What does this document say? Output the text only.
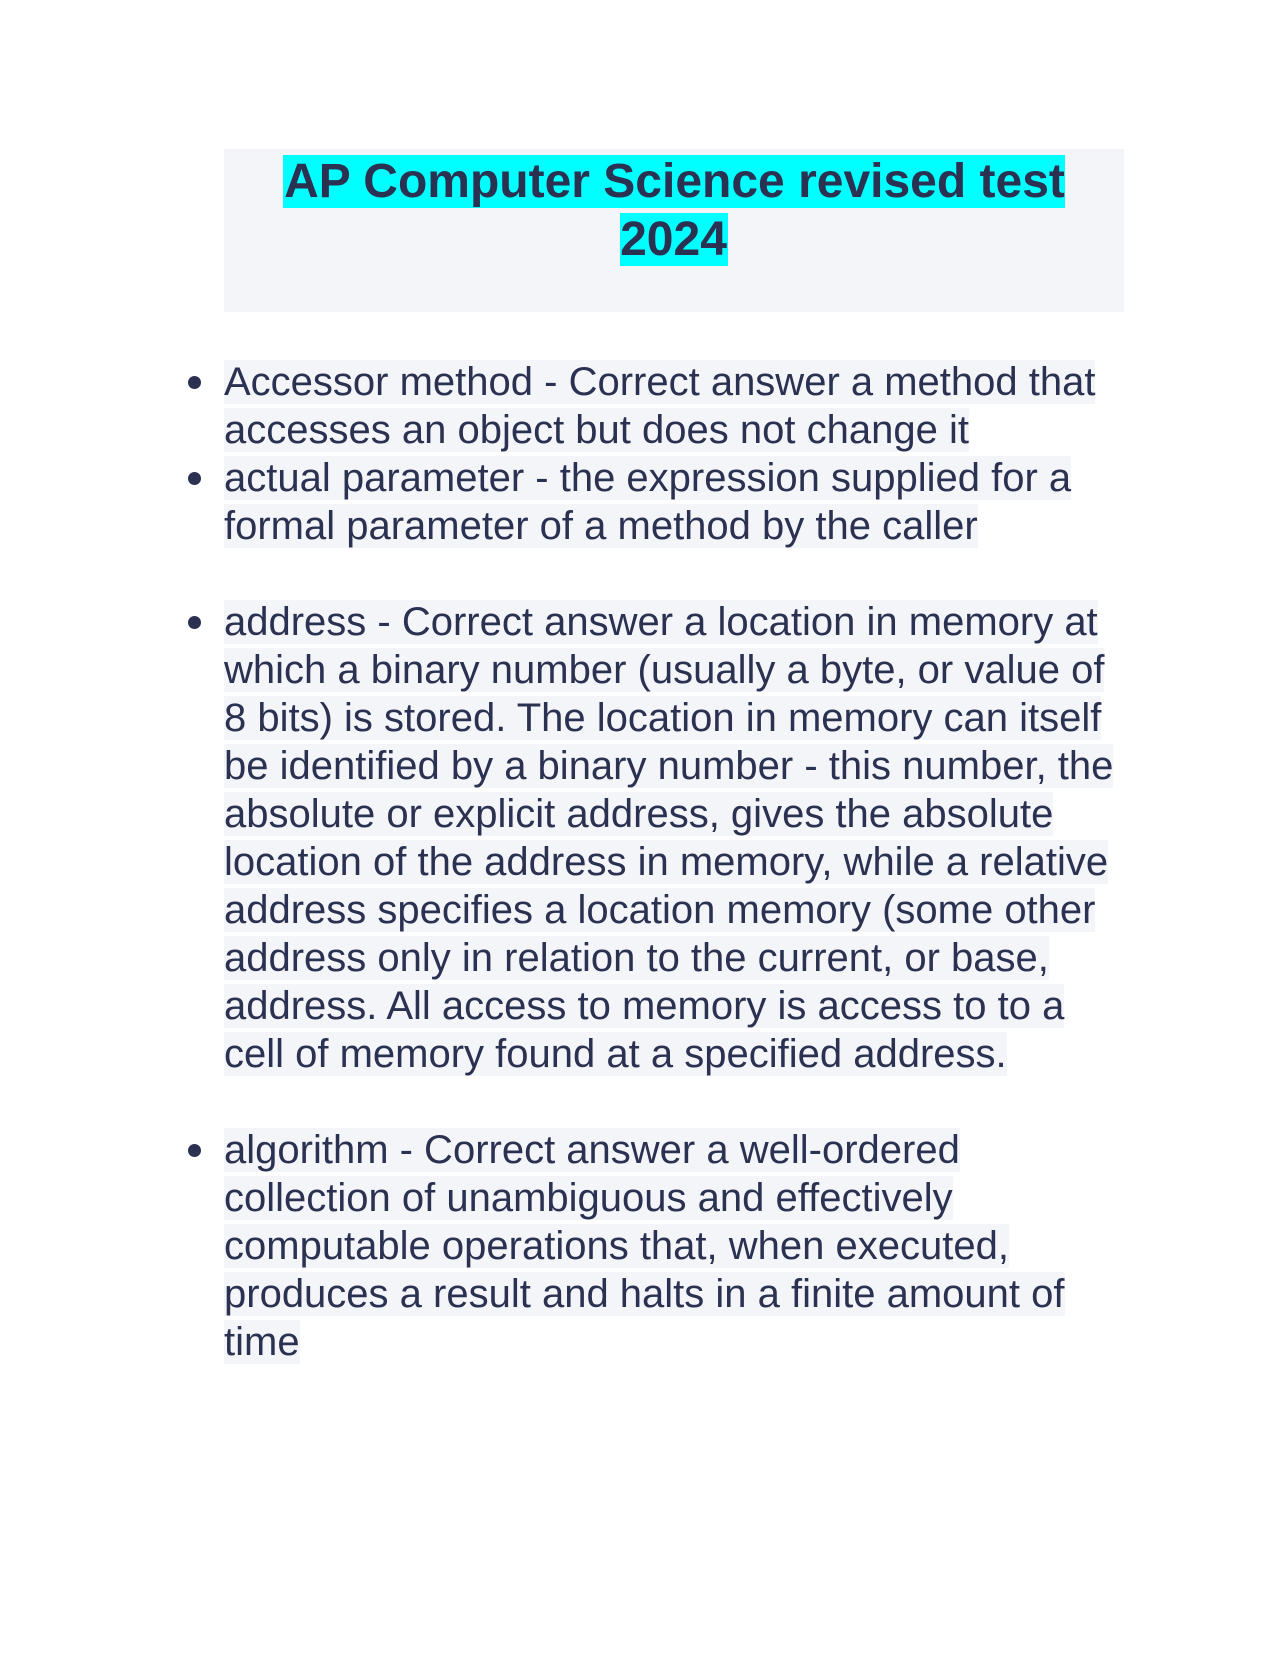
AP Computer Science revised test 2024
Accessor method - Correct answer a method that accesses an object but does not change it
actual parameter - the expression supplied for a formal parameter of a method by the caller
address - Correct answer a location in memory at which a binary number (usually a byte, or value of 8 bits) is stored. The location in memory can itself be identified by a binary number - this number, the absolute or explicit address, gives the absolute location of the address in memory, while a relative address specifies a location memory (some other address only in relation to the current, or base, address. All access to memory is access to to a cell of memory found at a specified address.
algorithm - Correct answer a well-ordered collection of unambiguous and effectively computable operations that, when executed, produces a result and halts in a finite amount of time
